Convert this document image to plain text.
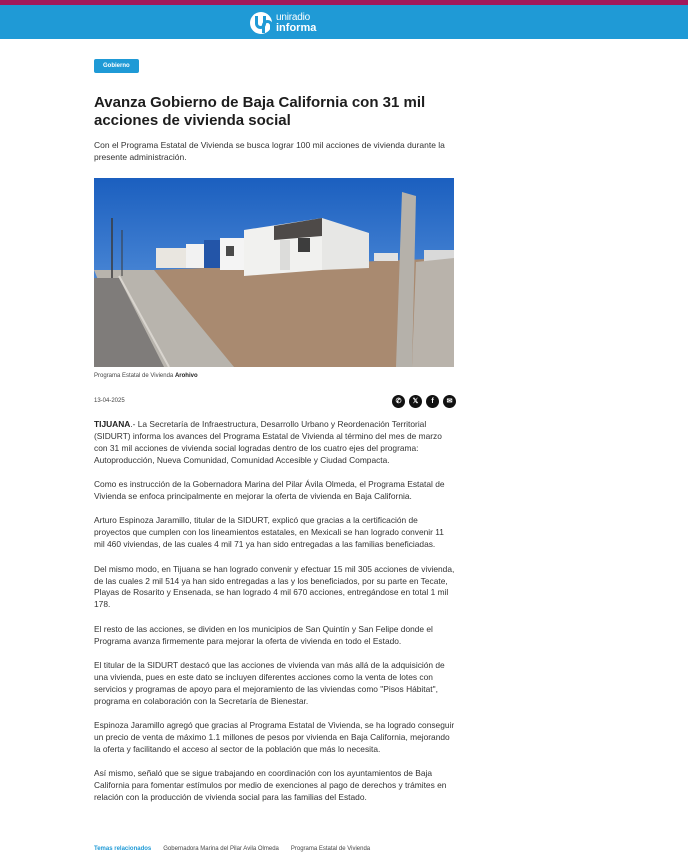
uniradio
informa
Gobierno
Avanza Gobierno de Baja California con 31 mil acciones de vivienda social

Con el Programa Estatal de Vivienda se busca lograr 100 mil acciones de vivienda durante la presente administración.

Programa Estatal de Vivienda Arohivo
13-04-2025	✆	𝕏	f	✉

TIJUANA.- La Secretaría de Infraestructura, Desarrollo Urbano y Reordenación Territorial (SIDURT) informa los avances del Programa Estatal de Vivienda al término del mes de marzo con 31 mil acciones de vivienda social logradas dentro de los cuatro ejes del programa: Autoproducción, Nueva Comunidad, Comunidad Accesible y Ciudad Compacta.

Como es instrucción de la Gobernadora Marina del Pilar Ávila Olmeda, el Programa Estatal de Vivienda se enfoca principalmente en mejorar la oferta de vivienda en Baja California.

Arturo Espinoza Jaramillo, titular de la SIDURT, explicó que gracias a la certificación de proyectos que cumplen con los lineamientos estatales, en Mexicali se han logrado convenir 11 mil 460 viviendas, de las cuales 4 mil 71 ya han sido entregadas a las familias beneficiadas.

Del mismo modo, en Tijuana se han logrado convenir y efectuar 15 mil 305 acciones de vivienda, de las cuales 2 mil 514 ya han sido entregadas a las y los beneficiados, por su parte en Tecate, Playas de Rosarito y Ensenada, se han logrado 4 mil 670 acciones, entregándose en total 1 mil 178.

El resto de las acciones, se dividen en los municipios de San Quintín y San Felipe donde el Programa avanza firmemente para mejorar la oferta de vivienda en todo el Estado.

El titular de la SIDURT destacó que las acciones de vivienda van más allá de la adquisición de una vivienda, pues en este dato se incluyen diferentes acciones como la venta de lotes con servicios y programas de apoyo para el mejoramiento de las viviendas como "Pisos Hábitat", programa en colaboración con la Secretaría de Bienestar.

Espinoza Jaramillo agregó que gracias al Programa Estatal de Vivienda, se ha logrado conseguir un precio de venta de máximo 1.1 millones de pesos por vivienda en Baja California, mejorando la oferta y facilitando el acceso al sector de la población que más lo necesita.

Así mismo, señaló que se sigue trabajando en coordinación con los ayuntamientos de Baja California para fomentar estímulos por medio de exenciones al pago de derechos y trámites en relación con la producción de vivienda social para las familias del Estado.

Temas relacionados Gobernadora Marina del Pilar Avila Olmeda Programa Estatal de Vivienda
